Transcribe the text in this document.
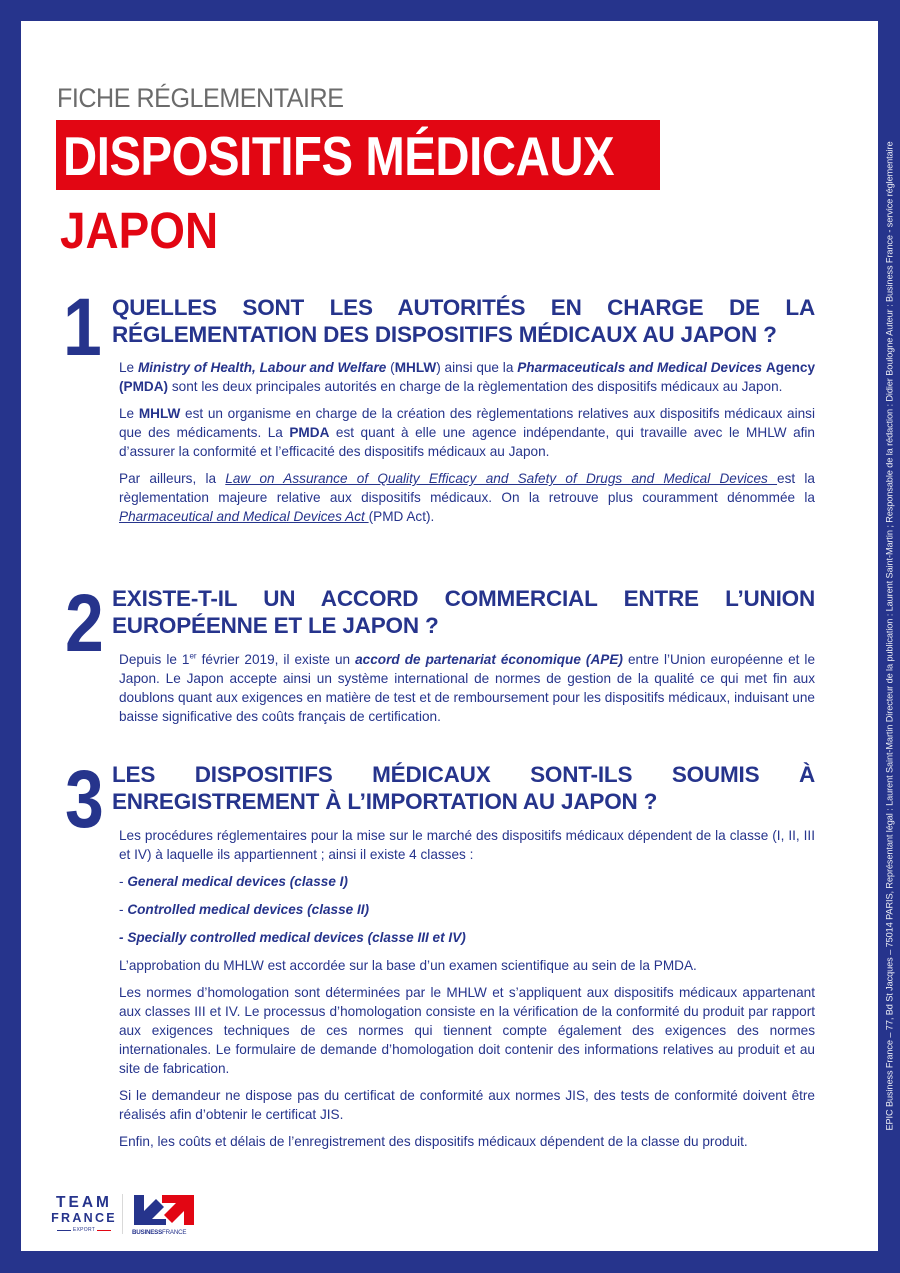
FICHE RÉGLEMENTAIRE
DISPOSITIFS MÉDICAUX
JAPON
1 QUELLES SONT LES AUTORITÉS EN CHARGE DE LA
RÉGLEMENTATION DES DISPOSITIFS MÉDICAUX AU JAPON ?

Le Ministry of Health, Labour and Welfare (MHLW) ainsi que la Pharmaceuticals and Medical Devices Agency (PMDA) sont les deux principales autorités en charge de la règlementation des dispositifs médicaux au Japon.

Le MHLW est un organisme en charge de la création des règlementations relatives aux dispositifs médicaux ainsi que des médicaments. La PMDA est quant à elle une agence indépendante, qui travaille avec le MHLW afin d’assurer la conformité et l’efficacité des dispositifs médicaux au Japon.

Par ailleurs, la Law on Assurance of Quality Efficacy and Safety of Drugs and Medical Devices est la règlementation majeure relative aux dispositifs médicaux. On la retrouve plus couramment dénommée la Pharmaceutical and Medical Devices Act (PMD Act).

2 EXISTE-T-IL UN ACCORD COMMERCIAL ENTRE L’UNION
EUROPÉENNE ET LE JAPON ?

Depuis le 1er février 2019, il existe un accord de partenariat économique (APE) entre l’Union européenne et le Japon. Le Japon accepte ainsi un système international de normes de gestion de la qualité ce qui met fin aux doublons quant aux exigences en matière de test et de remboursement pour les dispositifs médicaux, induisant une baisse significative des coûts français de certification.

3 LES DISPOSITIFS MÉDICAUX SONT-ILS SOUMIS À
ENREGISTREMENT À L’IMPORTATION AU JAPON ?

Les procédures réglementaires pour la mise sur le marché des dispositifs médicaux dépendent de la classe (I, II, III et IV) à laquelle ils appartiennent ; ainsi il existe 4 classes :

- General medical devices (classe I)
- Controlled medical devices (classe II)
- Specially controlled medical devices (classe III et IV)

L’approbation du MHLW est accordée sur la base d’un examen scientifique au sein de la PMDA.

Les normes d’homologation sont déterminées par le MHLW et s’appliquent aux dispositifs médicaux appartenant aux classes III et IV. Le processus d’homologation consiste en la vérification de la conformité du produit par rapport aux exigences techniques de ces normes qui tiennent compte également des exigences des normes internationales. Le formulaire de demande d’homologation doit contenir des informations relatives au produit et au site de fabrication.

Si le demandeur ne dispose pas du certificat de conformité aux normes JIS, des tests de conformité doivent être réalisés afin d’obtenir le certificat JIS.

Enfin, les coûts et délais de l’enregistrement des dispositifs médicaux dépendent de la classe du produit.

TEAM
FRANCE
EXPORT	BUSINESSFRANCE
EPIC Business France – 77, Bd St Jacques – 75014 PARIS, Représentant légal : Laurent Saint-Martin Directeur de la publication : Laurent Saint-Martin ; Responsable de la rédaction : Didier Boulogne Auteur : Business France - service réglementaire
